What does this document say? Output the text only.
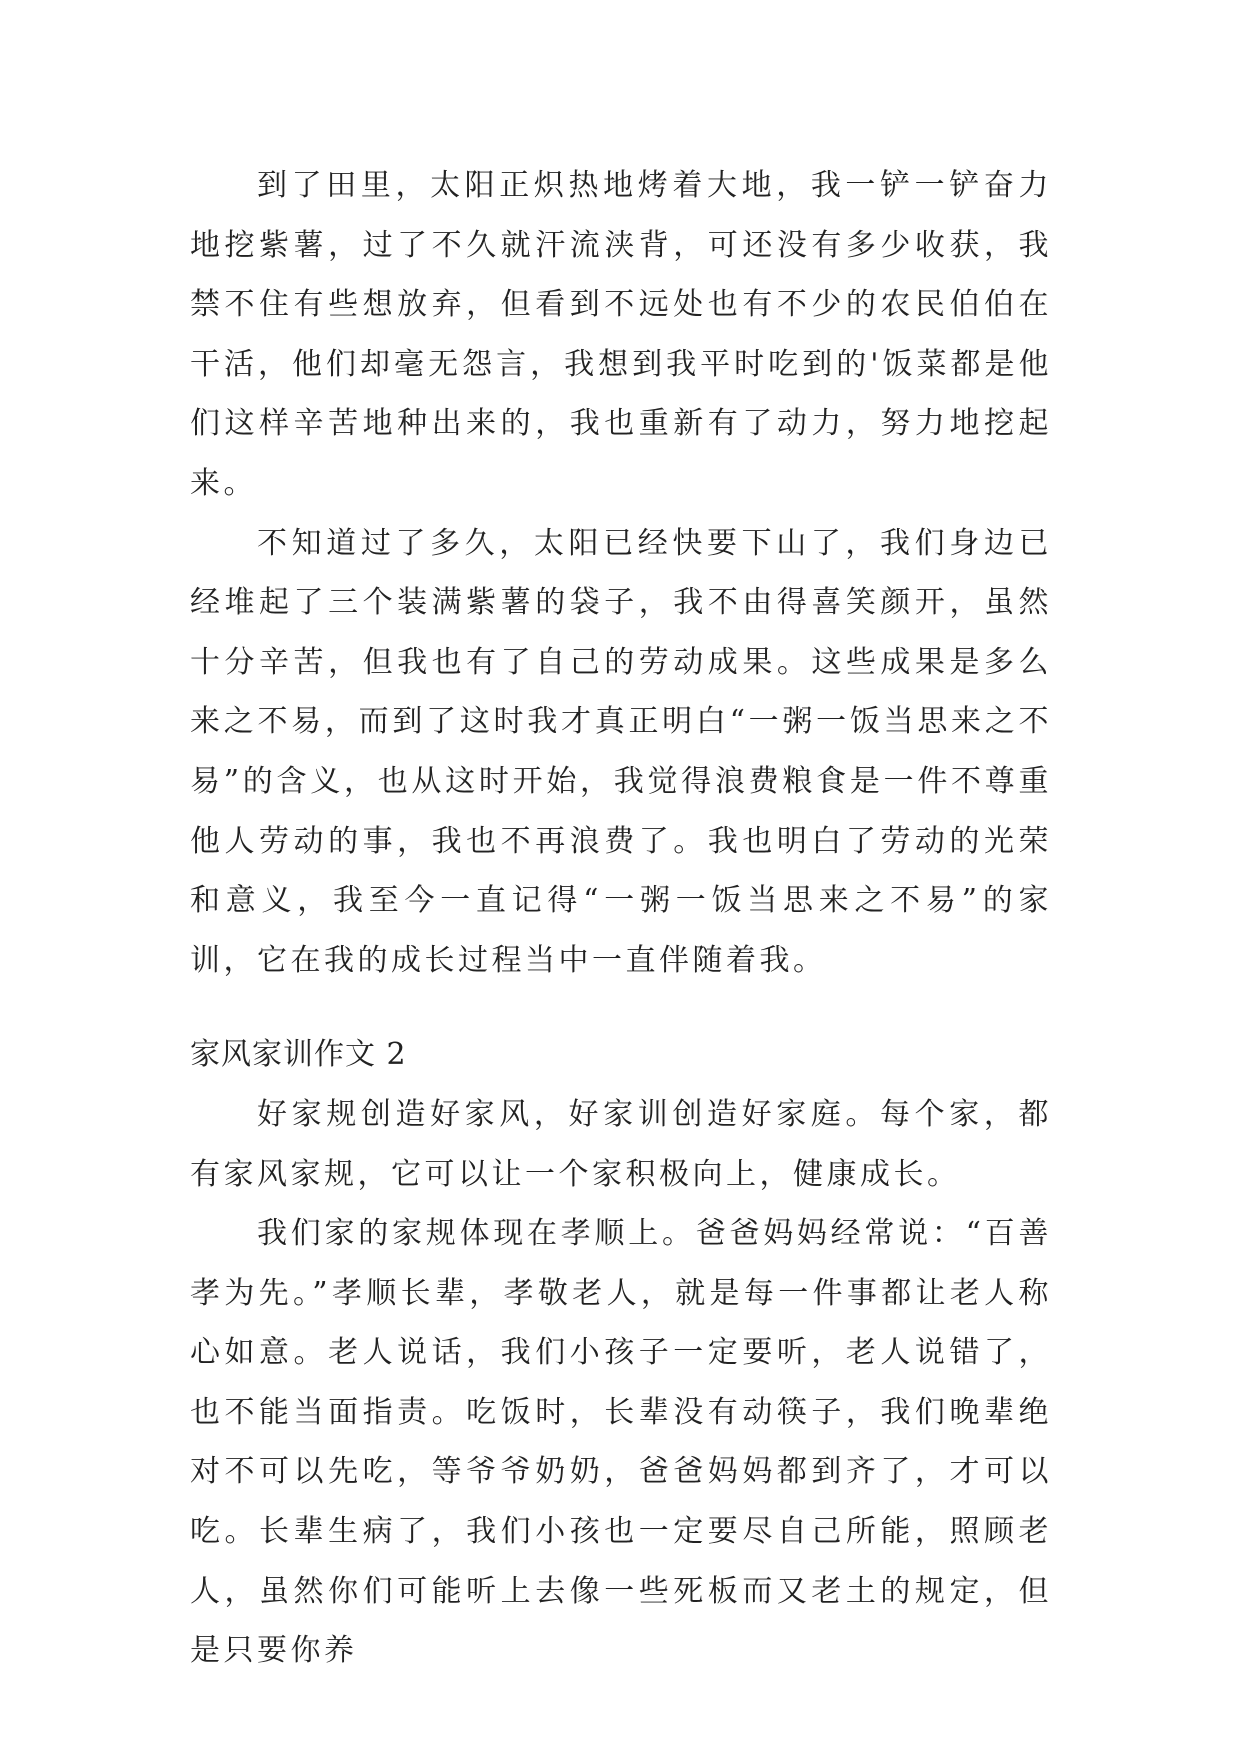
到了田里，太阳正炽热地烤着大地，我一铲一铲奋力地挖紫薯，过了不久就汗流浃背，可还没有多少收获，我禁不住有些想放弃，但看到不远处也有不少的农民伯伯在干活，他们却毫无怨言，我想到我平时吃到的'饭菜都是他们这样辛苦地种出来的，我也重新有了动力，努力地挖起来。

不知道过了多久，太阳已经快要下山了，我们身边已经堆起了三个装满紫薯的袋子，我不由得喜笑颜开，虽然十分辛苦，但我也有了自己的劳动成果。这些成果是多么来之不易，而到了这时我才真正明白“一粥一饭当思来之不易”的含义，也从这时开始，我觉得浪费粮食是一件不尊重他人劳动的事，我也不再浪费了。我也明白了劳动的光荣和意义，我至今一直记得“一粥一饭当思来之不易”的家训，它在我的成长过程当中一直伴随着我。

家风家训作文 2

好家规创造好家风，好家训创造好家庭。每个家，都有家风家规，它可以让一个家积极向上，健康成长。

我们家的家规体现在孝顺上。爸爸妈妈经常说：“百善孝为先。”孝顺长辈，孝敬老人，就是每一件事都让老人称心如意。老人说话，我们小孩子一定要听，老人说错了，也不能当面指责。吃饭时，长辈没有动筷子，我们晚辈绝对不可以先吃，等爷爷奶奶，爸爸妈妈都到齐了，才可以吃。长辈生病了，我们小孩也一定要尽自己所能，照顾老人，虽然你们可能听上去像一些死板而又老土的规定，但是只要你养
